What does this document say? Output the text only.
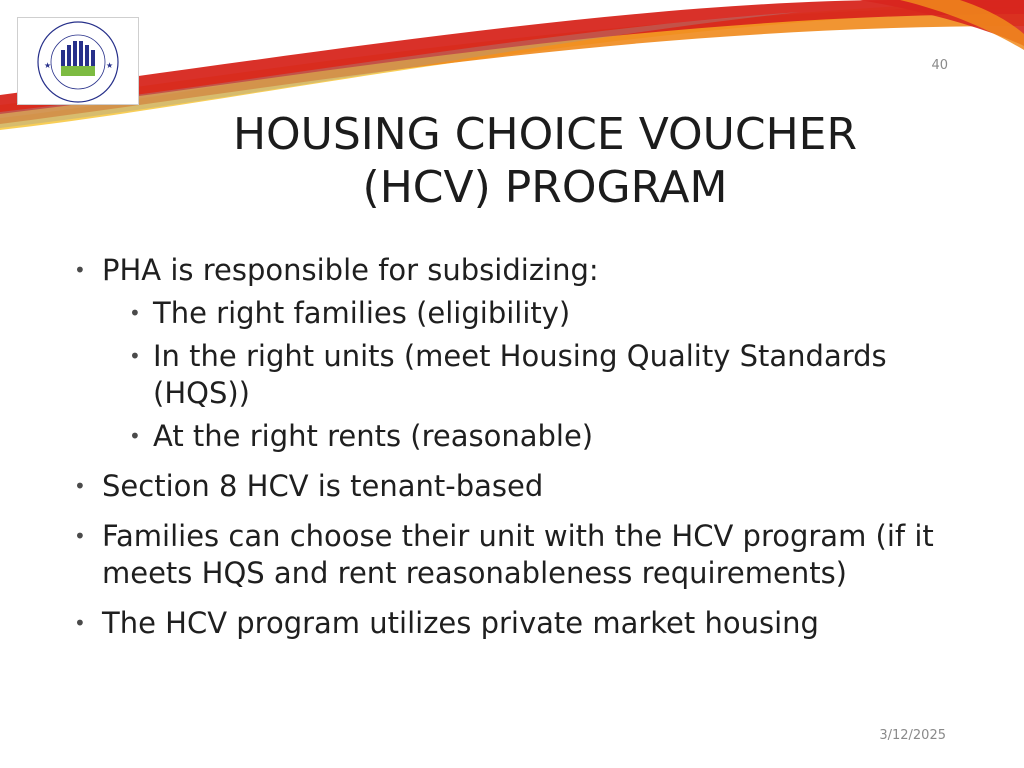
★	★	40
HOUSING CHOICE VOUCHER
(HCV) PROGRAM
• PHA is responsible for subsidizing:
• The right families (eligibility)
• In the right units (meet Housing Quality Standards (HQS))
• At the right rents (reasonable)
• Section 8 HCV is tenant-based
• Families can choose their unit with the HCV program (if it meets HQS and rent reasonableness requirements)
• The HCV program utilizes private market housing
3/12/2025
